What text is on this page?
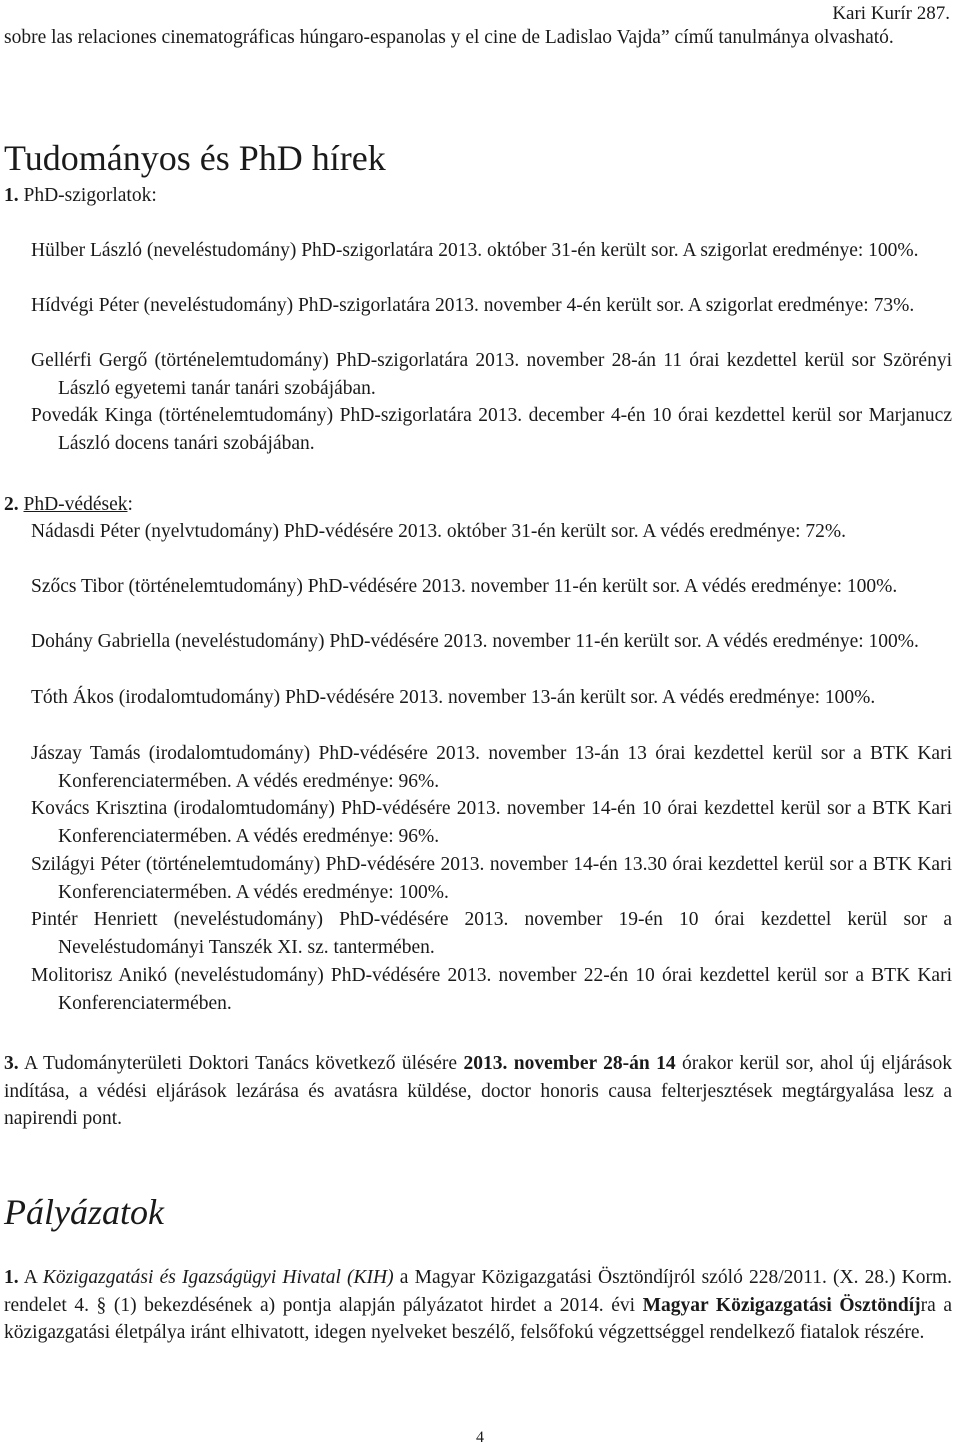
Kari Kurír 287.
sobre las relaciones cinematográficas húngaro-espanolas y el cine de Ladislao Vajda” című tanulmánya olvasható.
Tudományos és PhD hírek
1. PhD-szigorlatok:
Hülber László (neveléstudomány) PhD-szigorlatára 2013. október 31-én került sor. A szigorlat eredménye: 100%.
Hídvégi Péter (neveléstudomány) PhD-szigorlatára 2013. november 4-én került sor. A szigorlat eredménye: 73%.
Gellérfi Gergő (történelemtudomány) PhD-szigorlatára 2013. november 28-án 11 órai kezdettel kerül sor Szörényi László egyetemi tanár tanári szobájában.
Povedák Kinga (történelemtudomány) PhD-szigorlatára 2013. december 4-én 10 órai kezdettel kerül sor Marjanucz László docens tanári szobájában.
2. PhD-védések:
Nádasdi Péter (nyelvtudomány) PhD-védésére 2013. október 31-én került sor. A védés eredménye: 72%.
Szőcs Tibor (történelemtudomány) PhD-védésére 2013. november 11-én került sor. A védés eredménye: 100%.
Dohány Gabriella (neveléstudomány) PhD-védésére 2013. november 11-én került sor. A védés eredménye: 100%.
Tóth Ákos (irodalomtudomány) PhD-védésére 2013. november 13-án került sor. A védés eredménye: 100%.
Jászay Tamás (irodalomtudomány) PhD-védésére 2013. november 13-án 13 órai kezdettel kerül sor a BTK Kari Konferenciatermében. A védés eredménye: 96%.
Kovács Krisztina (irodalomtudomány) PhD-védésére 2013. november 14-én 10 órai kezdettel kerül sor a BTK Kari Konferenciatermében. A védés eredménye: 96%.
Szilágyi Péter (történelemtudomány) PhD-védésére 2013. november 14-én 13.30 órai kezdettel kerül sor a BTK Kari Konferenciatermében. A védés eredménye: 100%.
Pintér Henriett (neveléstudomány) PhD-védésére 2013. november 19-én 10 órai kezdettel kerül sor a Neveléstudományi Tanszék XI. sz. tantermében.
Molitorisz Anikó (neveléstudomány) PhD-védésére 2013. november 22-én 10 órai kezdettel kerül sor a BTK Kari Konferenciatermében.
3. A Tudományterületi Doktori Tanács következő ülésére 2013. november 28-án 14 órakor kerül sor, ahol új eljárások indítása, a védési eljárások lezárása és avatásra küldése, doctor honoris causa felterjesztések megtárgyalása lesz a napirendi pont.
Pályázatok
1. A Közigazgatási és Igazságügyi Hivatal (KIH) a Magyar Közigazgatási Ösztöndíjról szóló 228/2011. (X. 28.) Korm. rendelet 4. § (1) bekezdésének a) pontja alapján pályázatot hirdet a 2014. évi Magyar Közigazgatási Ösztöndíjra a közigazgatási életpálya iránt elhivatott, idegen nyelveket beszélő, felsőfokú végzettséggel rendelkező fiatalok részére.
4
